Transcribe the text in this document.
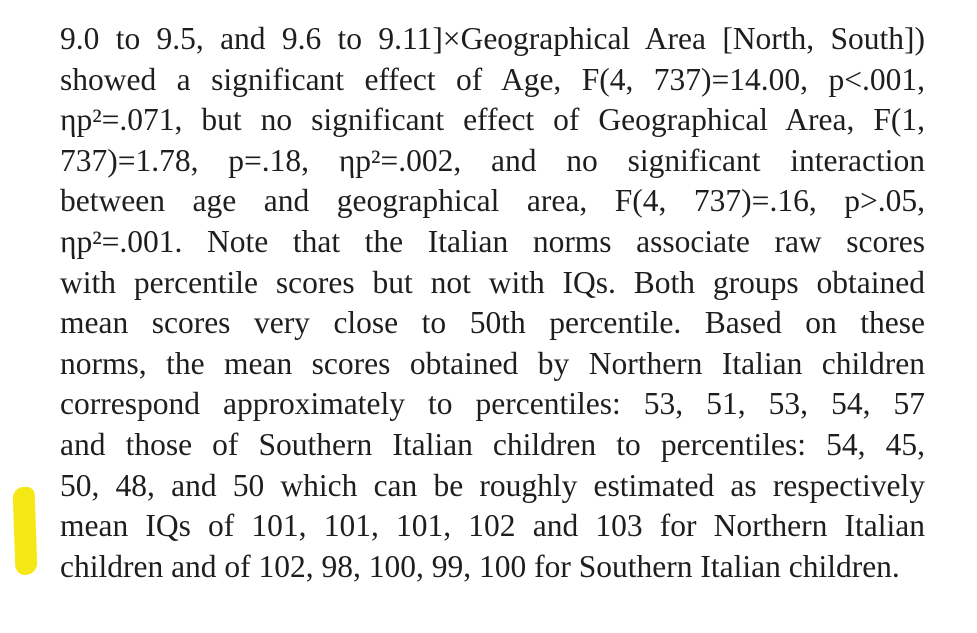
9.0 to 9.5, and 9.6 to 9.11]×Geographical Area [North, South])
showed a significant effect of Age, F(4, 737)=14.00, p<.001,
ηp²=.071, but no significant effect of Geographical Area, F(1,
737)=1.78, p=.18, ηp²=.002, and no significant interaction
between age and geographical area, F(4, 737)=.16, p>.05,
ηp²=.001. Note that the Italian norms associate raw scores
with percentile scores but not with IQs. Both groups obtained
mean scores very close to 50th percentile. Based on these
norms, the mean scores obtained by Northern Italian children
correspond approximately to percentiles: 53, 51, 53, 54, 57
and those of Southern Italian children to percentiles: 54, 45,
50, 48, and 50 which can be roughly estimated as respectively
mean IQs of 101, 101, 101, 102 and 103 for Northern Italian
children and of 102, 98, 100, 99, 100 for Southern Italian children.
